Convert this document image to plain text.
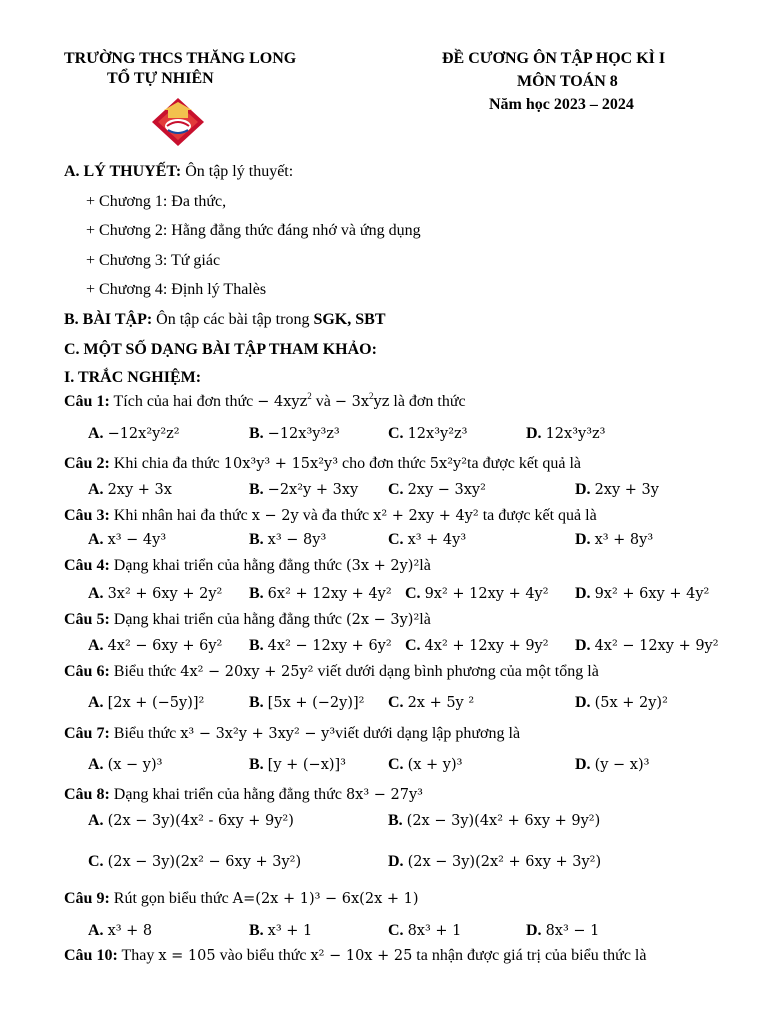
TRƯỜNG THCS THĂNG LONG
TỔ TỰ NHIÊN
ĐỀ CƯƠNG ÔN TẬP HỌC KÌ I
MÔN TOÁN 8
Năm học 2023 – 2024
A. LÝ THUYẾT: Ôn tập lý thuyết:
+ Chương 1: Đa thức,
+ Chương 2: Hằng đẳng thức đáng nhớ và ứng dụng
+ Chương 3: Tứ giác
+ Chương 4: Định lý Thalès
B. BÀI TẬP: Ôn tập các bài tập trong SGK, SBT
C. MỘT SỐ DẠNG BÀI TẬP THAM KHẢO:
I. TRẮC NGHIỆM:
Câu 1: Tích của hai đơn thức − 4xyz$^2$ và − $3x^2yz$ là đơn thức
A. −12x²y²z²	B. −12x³y³z³	C. 12x³y²z³	D. 12x³y³z³
Câu 2: Khi chia đa thức 10x³y³ + 15x²y³ cho đơn thức 5x²y²ta được kết quả là
A. 2xy + 3x	B. −2x²y + 3xy C. 2xy − 3xy²	D. 2xy + 3y
Câu 3: Khi nhân hai đa thức x − 2y và đa thức x² + 2xy + 4y² ta được kết quả là
A. x³ − 4y³	B. x³ − 8y³	C. x³ + 4y³	D. x³ + 8y³
Câu 4: Dạng khai triển của hằng đẳng thức (3x + 2y)²là
A. 3x² + 6xy + 2y² B. 6x² + 12xy + 4y² C. 9x² + 12xy + 4y² D. 9x² + 6xy + 4y²
Câu 5: Dạng khai triển của hằng đẳng thức (2x − 3y)²là
A. 4x² − 6xy + 6y² B. 4x² − 12xy + 6y² C. 4x² + 12xy + 9y² D. 4x² − 12xy + 9y²
Câu 6: Biểu thức 4x² − 20xy + 25y² viết dưới dạng bình phương của một tổng là
A. [2x + (−5y)]²	B. [5x + (−2y)]² C. 2x + 5y ²	D. (5x + 2y)²
Câu 7: Biểu thức x³ − 3x²y + 3xy² − y³viết dưới dạng lập phương là
A. (x − y)³	B. [y + (−x)]³	C. (x + y)³	D. (y − x)³
Câu 8: Dạng khai triển của hằng đẳng thức 8x³ − 27y³
A. (2x − 3y)(4x² - 6xy + 9y²)	B. (2x − 3y)(4x² + 6xy + 9y²)
C. (2x − 3y)(2x² − 6xy + 3y²)	D. (2x − 3y)(2x² + 6xy + 3y²)
Câu 9: Rút gọn biểu thức A=(2x + 1)³ − 6x(2x + 1)
A. x³ + 8	B. x³ + 1	C. 8x³ + 1	D. 8x³ − 1
Câu 10: Thay x = 105 vào biểu thức x² − 10x + 25 ta nhận được giá trị của biểu thức là
